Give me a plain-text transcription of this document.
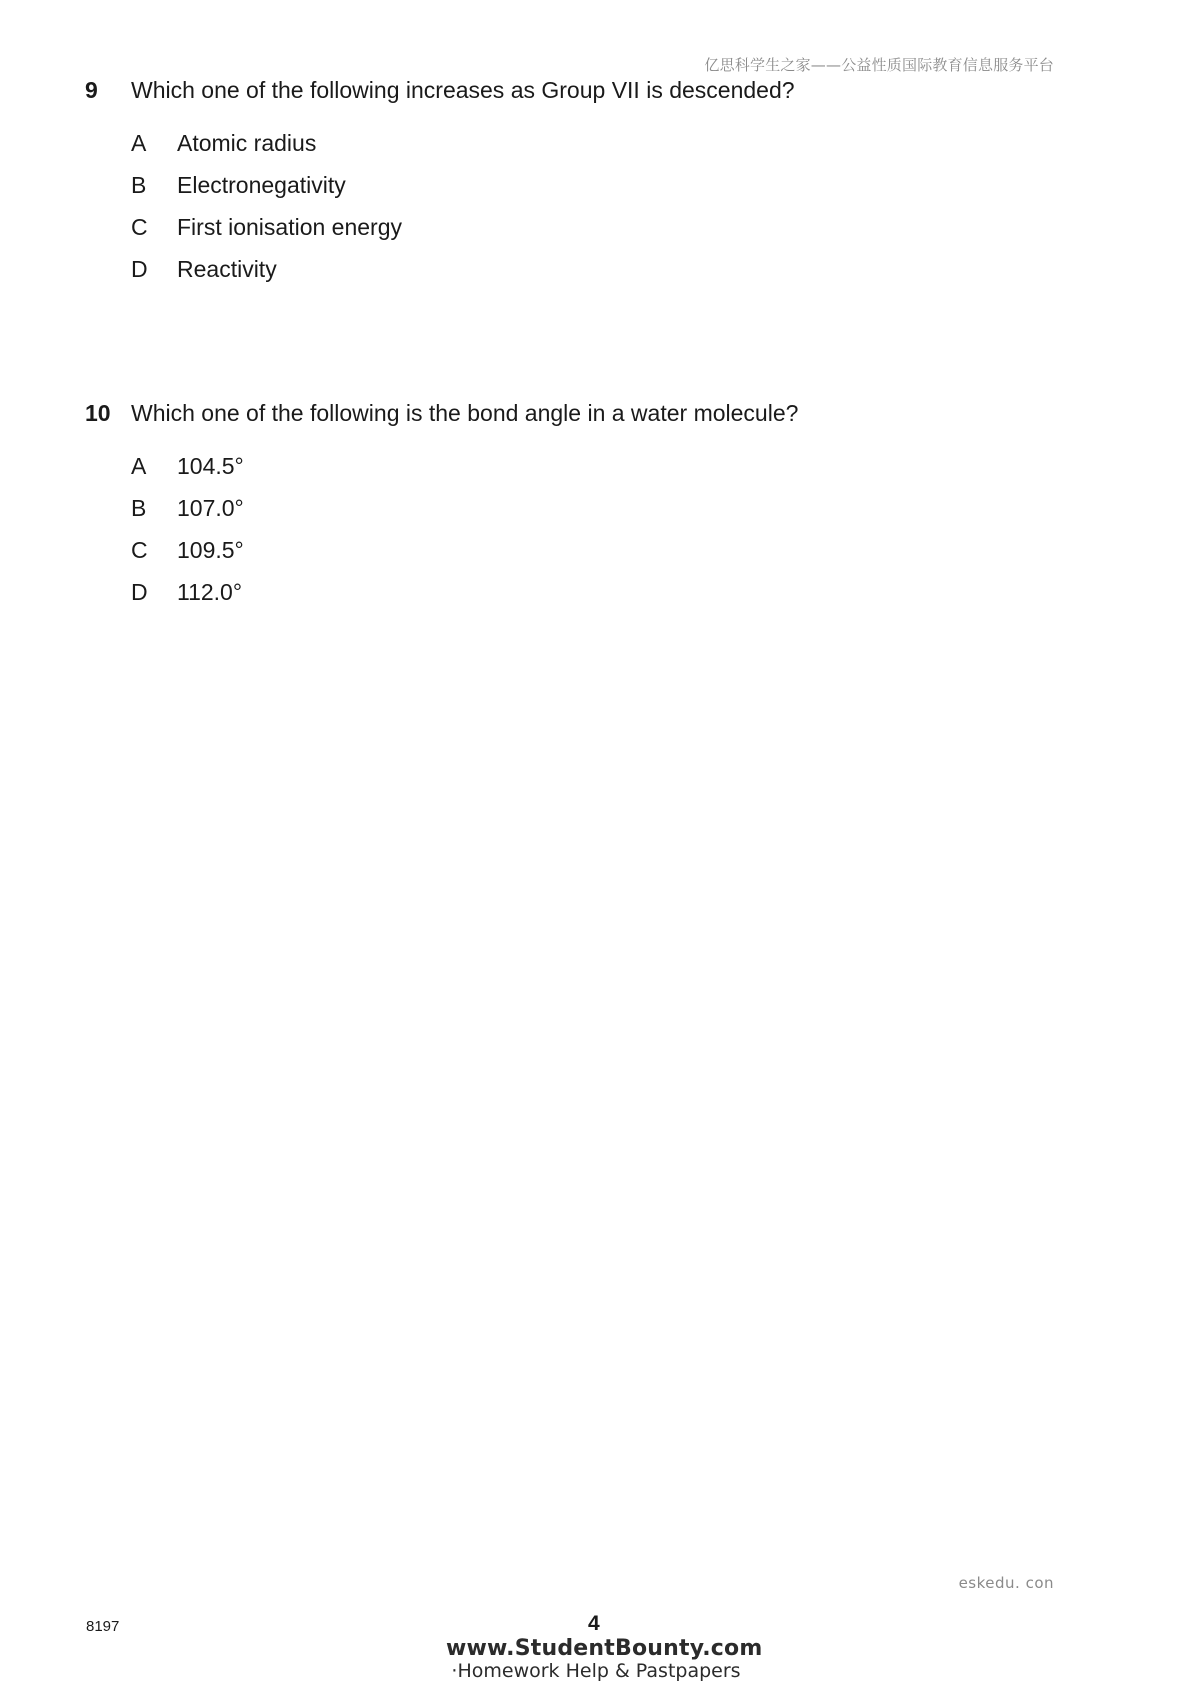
亿思科学生之家——公益性质国际教育信息服务平台
9	Which one of the following increases as Group VII is descended?
A	Atomic radius
B	Electronegativity
C	First ionisation energy
D	Reactivity
10 Which one of the following is the bond angle in a water molecule?
A	104.5°
B	107.0°
C	109.5°
D	112.0°
eskedu. con
8197	4
www.StudentBounty.com
·Homework Help & Pastpapers
